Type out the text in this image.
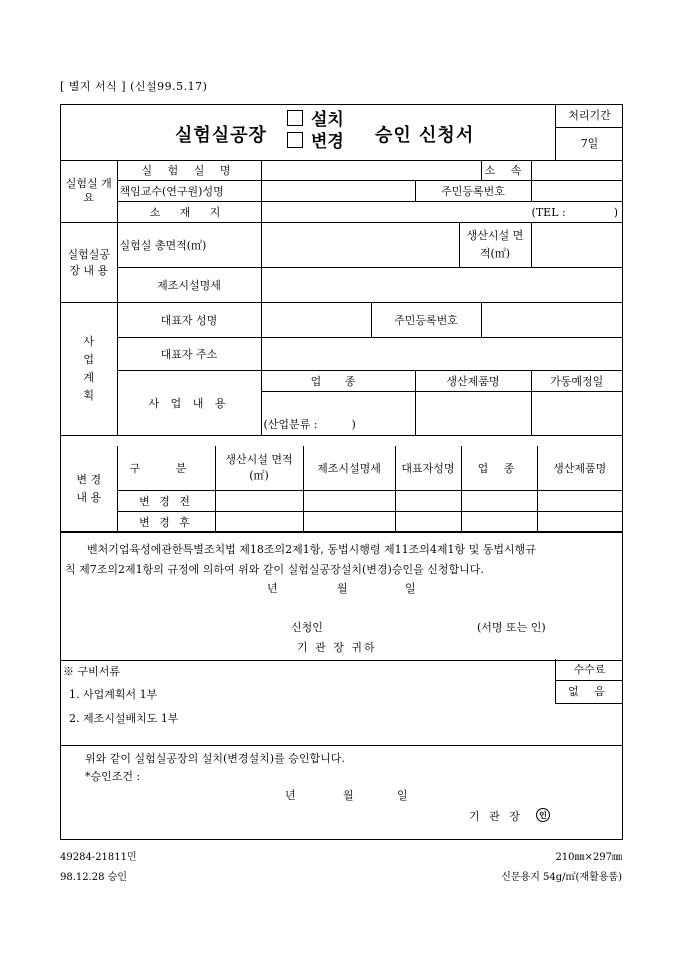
[ 별지 서식 ] (신설99.5.17)
실험실공장
설치
변경 승인 신청서
처리기간
7일
실험실 개 요	실 험 실 명					소 속	
	책임교수(연구원)성명			주민등록번호			
	소 재 지	(TEL : )					
실험실공장 내 용	실험실 총면적(㎡)				생산시설 면 적(㎡)		
	제조시설명세						
사 업 계 획	대표자 성명		주민등록번호				
	대표자 주소						
	사 업 내 용	업 종		생산제품명			가동예정일
		(산업분류 : )					
변 경 내 용	구 분	생산시설 면적(㎡)	제조시설명세	대표자성명	업 종	생산제품명
	변 경 전					
	변 경 후					
벤처기업육성에관한특별조치법 제18조의2제1항, 동법시행령 제11조의4제1항 및 동법시행규
칙 제7조의2제1항의 규정에 의하여 위와 같이 실험실공장설치(변경)승인을 신청합니다.
년	월	일
신청인	(서명 또는 인)
기 관 장 귀하
※ 구비서류
1. 사업계획서 1부
2. 제조시설배치도 1부
수수료
없 음
위와 같이 실험실공장의 설치(변경설치)를 승인합니다.
*승인조건 :
년	월	일
기 관 장	인
49284-21811민
98.12.28 승인
210㎜×297㎜
신문용지 54g/㎡(재활용품)
